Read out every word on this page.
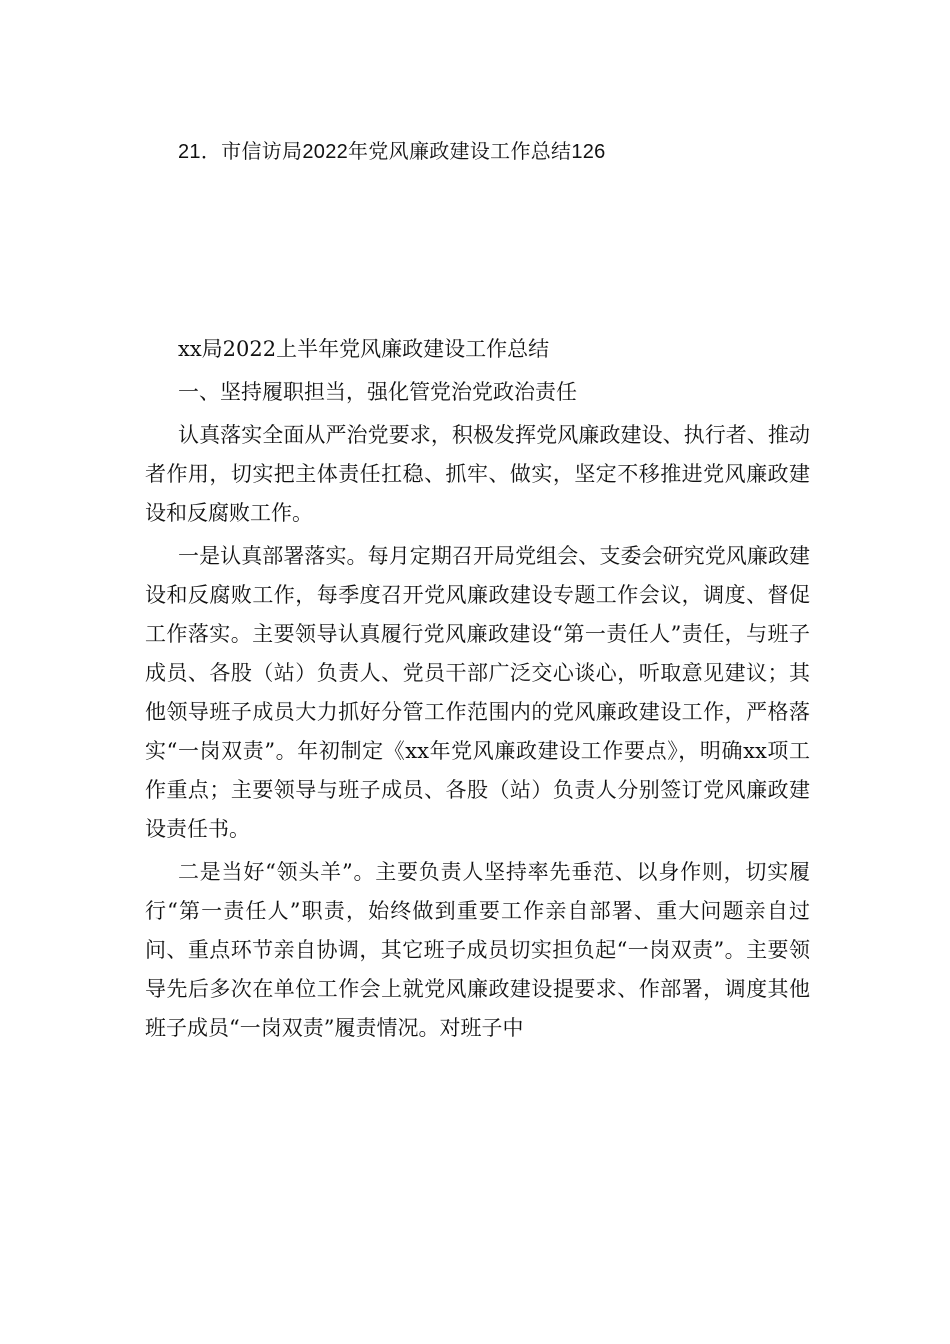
21．市信访局2022年党风廉政建设工作总结126

xx局2022上半年党风廉政建设工作总结

一、坚持履职担当，强化管党治党政治责任

认真落实全面从严治党要求，积极发挥党风廉政建设、执行者、推动者作用，切实把主体责任扛稳、抓牢、做实，坚定不移推进党风廉政建设和反腐败工作。

一是认真部署落实。每月定期召开局党组会、支委会研究党风廉政建设和反腐败工作，每季度召开党风廉政建设专题工作会议，调度、督促工作落实。主要领导认真履行党风廉政建设“第一责任人”责任，与班子成员、各股（站）负责人、党员干部广泛交心谈心，听取意见建议；其他领导班子成员大力抓好分管工作范围内的党风廉政建设工作，严格落实“一岗双责”。年初制定《xx年党风廉政建设工作要点》，明确xx项工作重点；主要领导与班子成员、各股（站）负责人分别签订党风廉政建设责任书。

二是当好“领头羊”。主要负责人坚持率先垂范、以身作则，切实履行“第一责任人”职责，始终做到重要工作亲自部署、重大问题亲自过问、重点环节亲自协调，其它班子成员切实担负起“一岗双责”。主要领导先后多次在单位工作会上就党风廉政建设提要求、作部署，调度其他班子成员“一岗双责”履责情况。对班子中
